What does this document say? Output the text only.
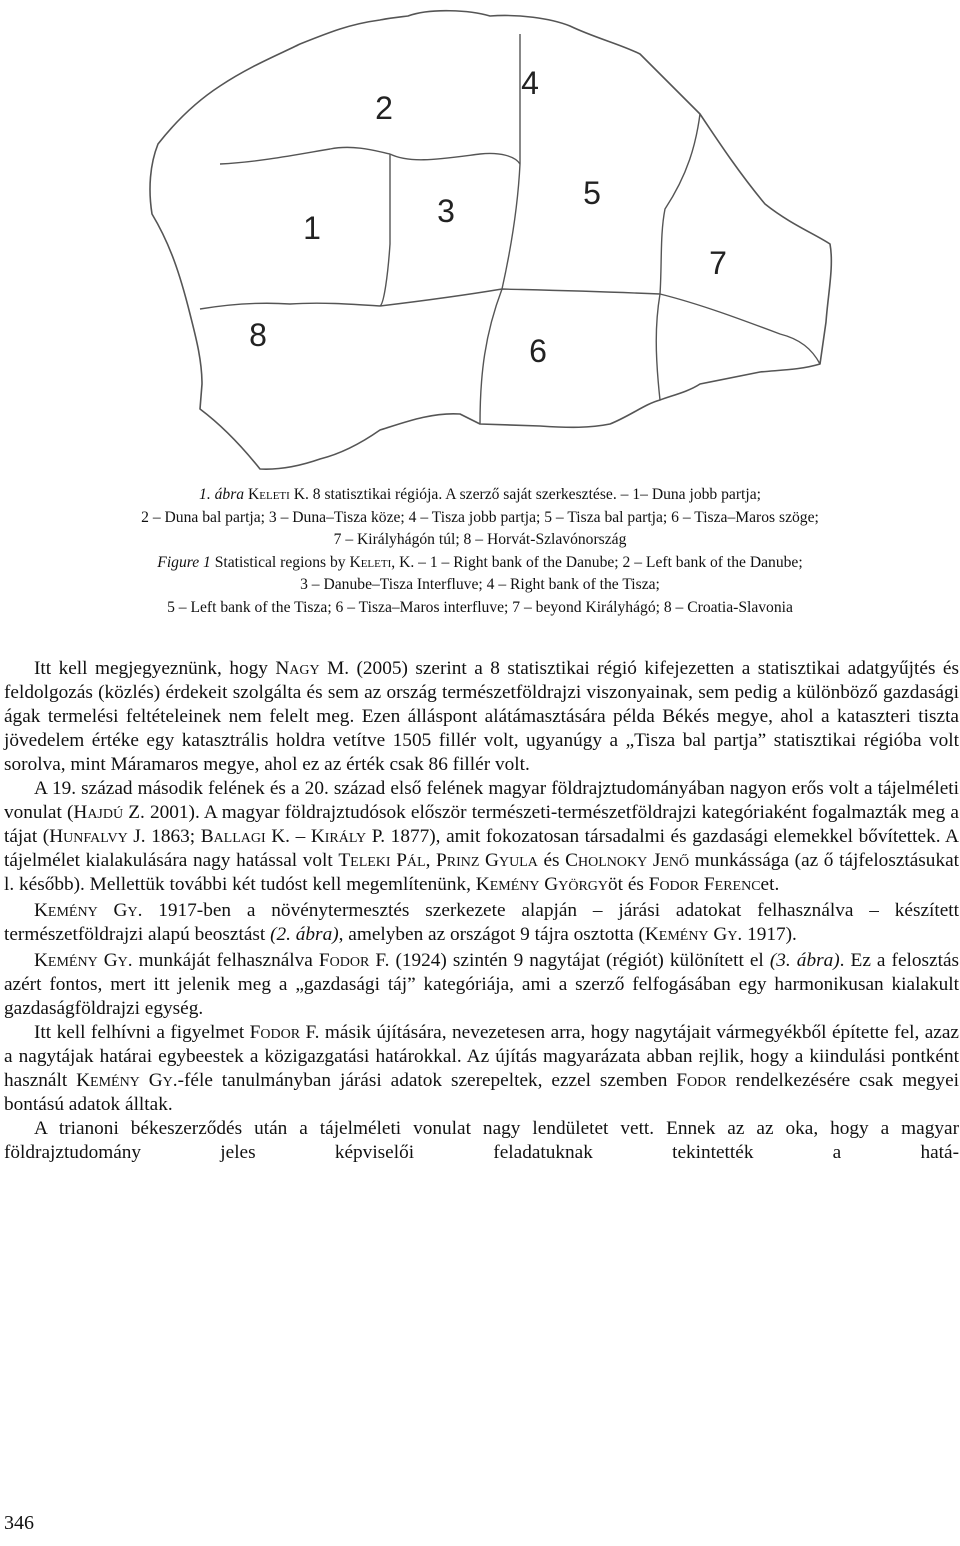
1
2
3
4
5
6
7
8
1. ábra Keleti K. 8 statisztikai régiója. A szerző saját szerkesztése. – 1– Duna jobb partja;
2 – Duna bal partja; 3 – Duna–Tisza köze; 4 – Tisza jobb partja; 5 – Tisza bal partja; 6 – Tisza–Maros szöge;
7 – Királyhágón túl; 8 – Horvát-Szlavónország
Figure 1 Statistical regions by Keleti, K. – 1 – Right bank of the Danube; 2 – Left bank of the Danube;
3 – Danube–Tisza Interfluve; 4 – Right bank of the Tisza;
5 – Left bank of the Tisza; 6 – Tisza–Maros interfluve; 7 – beyond Királyhágó; 8 – Croatia-Slavonia

Itt kell megjegyeznünk, hogy Nagy M. (2005) szerint a 8 statisztikai régió kifejezetten a statisztikai adatgyűjtés és feldolgozás (közlés) érdekeit szolgálta és sem az ország természetföldrajzi viszonyainak, sem pedig a különböző gazdasági ágak termelési feltételeinek nem felelt meg. Ezen álláspont alátámasztására példa Békés megye, ahol a kataszteri tiszta jövedelem értéke egy katasztrális holdra vetítve 1505 fillér volt, ugyanúgy a „Tisza bal partja” statisztikai régióba volt sorolva, mint Máramaros megye, ahol ez az érték csak 86 fillér volt.

A 19. század második felének és a 20. század első felének magyar földrajztudományában nagyon erős volt a tájelméleti vonulat (Hajdú Z. 2001). A magyar földrajztudósok először természeti-természetföldrajzi kategóriaként fogalmazták meg a tájat (Hunfalvy J. 1863; Ballagi K. – Király P. 1877), amit fokozatosan társadalmi és gazdasági elemekkel bővítettek. A tájelmélet kialakulására nagy hatással volt Teleki Pál, Prinz Gyula és Cholnoky Jenő munkássága (az ő tájfelosztásukat l. később). Mellettük további két tudóst kell megemlítenünk, Kemény Györgyöt és Fodor Ferencet.

Kemény Gy. 1917-ben a növénytermesztés szerkezete alapján – járási adatokat felhasználva – készített természetföldrajzi alapú beosztást (2. ábra), amelyben az országot 9 tájra osztotta (Kemény Gy. 1917).

Kemény Gy. munkáját felhasználva Fodor F. (1924) szintén 9 nagytájat (régiót) különített el (3. ábra). Ez a felosztás azért fontos, mert itt jelenik meg a „gazdasági táj” kategóriája, ami a szerző felfogásában egy harmonikusan kialakult gazdaságföldrajzi egység.

Itt kell felhívni a figyelmet Fodor F. másik újítására, nevezetesen arra, hogy nagytájait vármegyékből építette fel, azaz a nagytájak határai egybeestek a közigazgatási határokkal. Az újítás magyarázata abban rejlik, hogy a kiindulási pontként használt Kemény Gy.-féle tanulmányban járási adatok szerepeltek, ezzel szemben Fodor rendelkezésére csak megyei bontású adatok álltak.

A trianoni békeszerződés után a tájelméleti vonulat nagy lendületet vett. Ennek az az oka, hogy a magyar földrajztudomány jeles képviselői feladatuknak tekintették a hatá-

346
